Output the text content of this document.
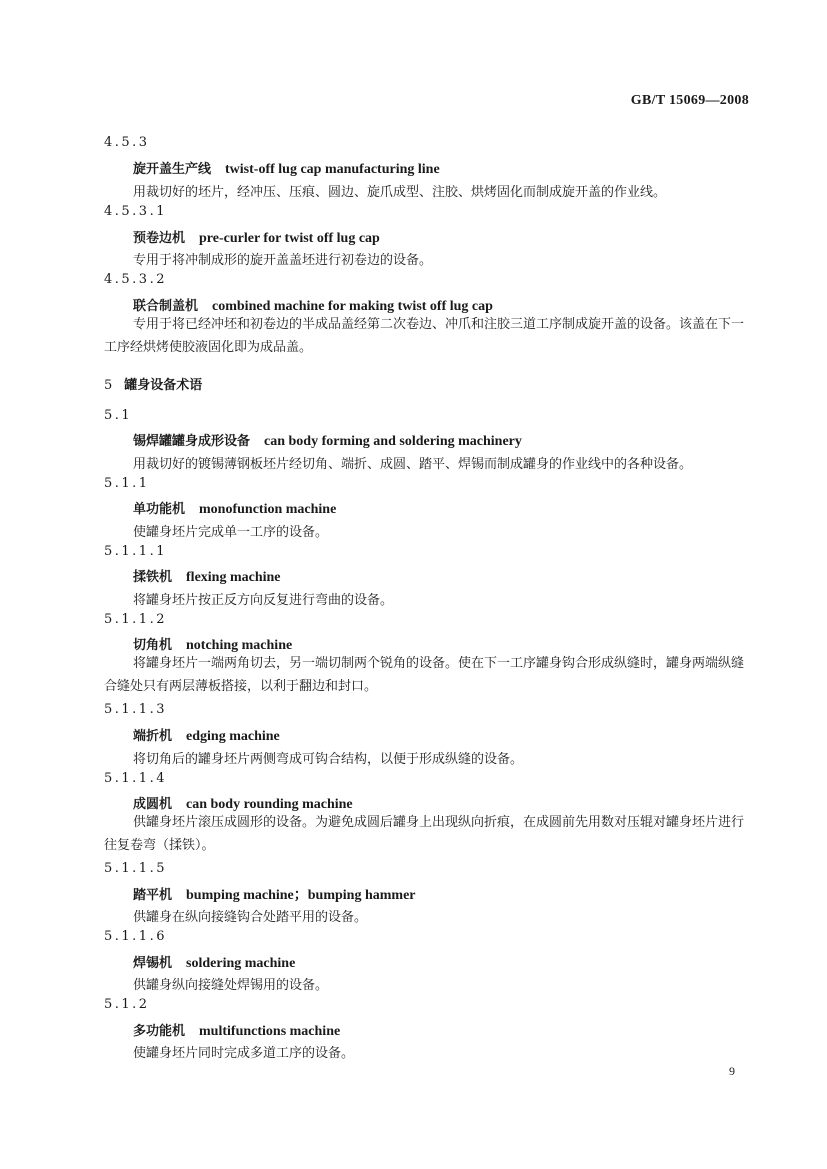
GB/T 15069—2008
4.5.3
旋开盖生产线 twist-off lug cap manufacturing line
用裁切好的坯片，经冲压、压痕、圆边、旋爪成型、注胶、烘烤固化而制成旋开盖的作业线。
4.5.3.1
预卷边机 pre-curler for twist off lug cap
专用于将冲制成形的旋开盖盖坯进行初卷边的设备。
4.5.3.2
联合制盖机 combined machine for making twist off lug cap
专用于将已经冲坯和初卷边的半成品盖经第二次卷边、冲爪和注胶三道工序制成旋开盖的设备。该盖在下一工序经烘烤使胶液固化即为成品盖。
5 罐身设备术语
5.1
锡焊罐罐身成形设备 can body forming and soldering machinery
用裁切好的镀锡薄钢板坯片经切角、端折、成圆、踏平、焊锡而制成罐身的作业线中的各种设备。
5.1.1
单功能机 monofunction machine
使罐身坯片完成单一工序的设备。
5.1.1.1
揉铁机 flexing machine
将罐身坯片按正反方向反复进行弯曲的设备。
5.1.1.2
切角机 notching machine
将罐身坯片一端两角切去，另一端切制两个锐角的设备。使在下一工序罐身钩合形成纵缝时，罐身两端纵缝合缝处只有两层薄板搭接，以利于翻边和封口。
5.1.1.3
端折机 edging machine
将切角后的罐身坯片两侧弯成可钩合结构，以便于形成纵缝的设备。
5.1.1.4
成圆机 can body rounding machine
供罐身坯片滚压成圆形的设备。为避免成圆后罐身上出现纵向折痕，在成圆前先用数对压辊对罐身坯片进行往复卷弯（揉铁）。
5.1.1.5
踏平机 bumping machine；bumping hammer
供罐身在纵向接缝钩合处踏平用的设备。
5.1.1.6
焊锡机 soldering machine
供罐身纵向接缝处焊锡用的设备。
5.1.2
多功能机 multifunctions machine
使罐身坯片同时完成多道工序的设备。
9
